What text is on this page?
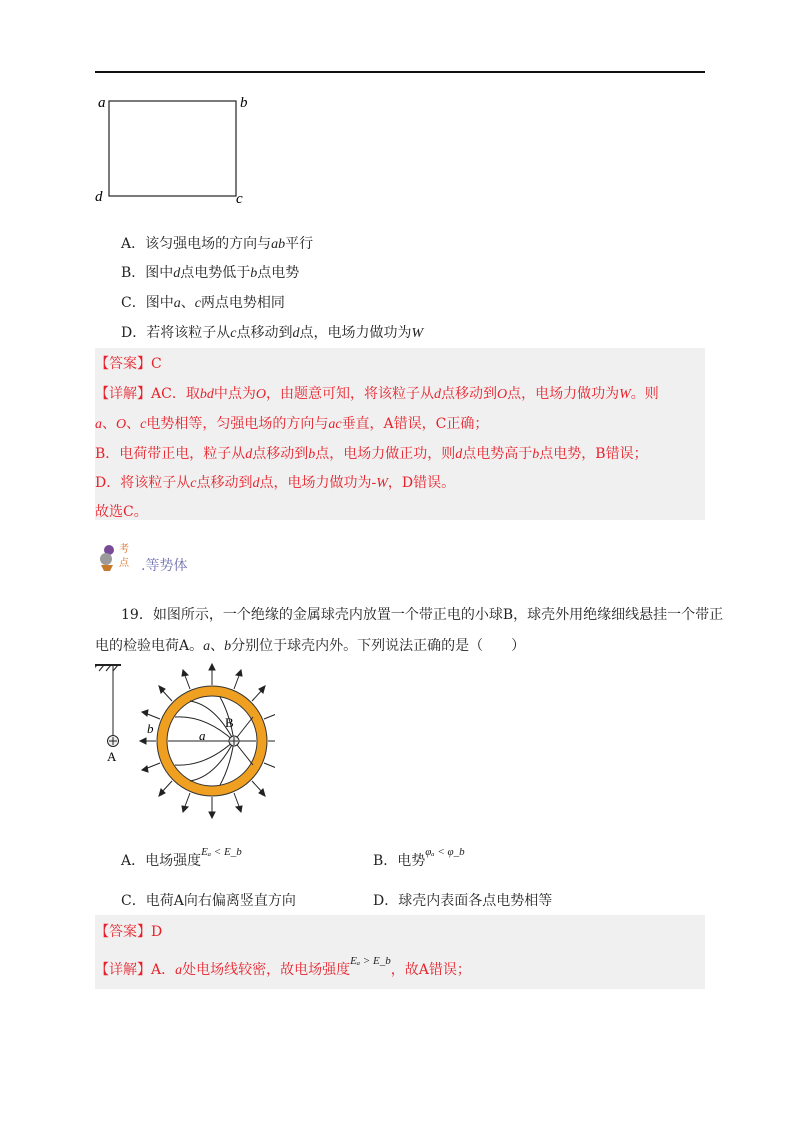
a	b
c
d
A．该匀强电场的方向与ab平行
B．图中d点电势低于b点电势
C．图中a、c两点电势相同
D．若将该粒子从c点移动到d点，电场力做功为W
【答案】C
【详解】AC．取bd中点为O，由题意可知，将该粒子从d点移动到O点，电场力做功为W。则
a、O、c电势相等，匀强电场的方向与ac垂直，A错误，C正确；
B．电荷带正电，粒子从d点移动到b点，电场力做正功，则d点电势高于b点电势，B错误；
D．将该粒子从c点移动到d点，电场力做功为-W，D错误。
故选C。
考
点 .等势体
19．如图所示，一个绝缘的金属球壳内放置一个带正电的小球B，球壳外用绝缘细线悬挂一个带正
电的检验电荷A。a、b分别位于球壳内外。下列说法正确的是（　　）
A
B
a
b
A．电场强度$^{E_a < E\_b}$
B．电势$^{\varphi_a < \varphi\_b}$
C．电荷A向右偏离竖直方向	D．球壳内表面各点电势相等
【答案】D
【详解】A．a处电场线较密，故电场强度$^{E_a > E\_b}$，故A错误；
